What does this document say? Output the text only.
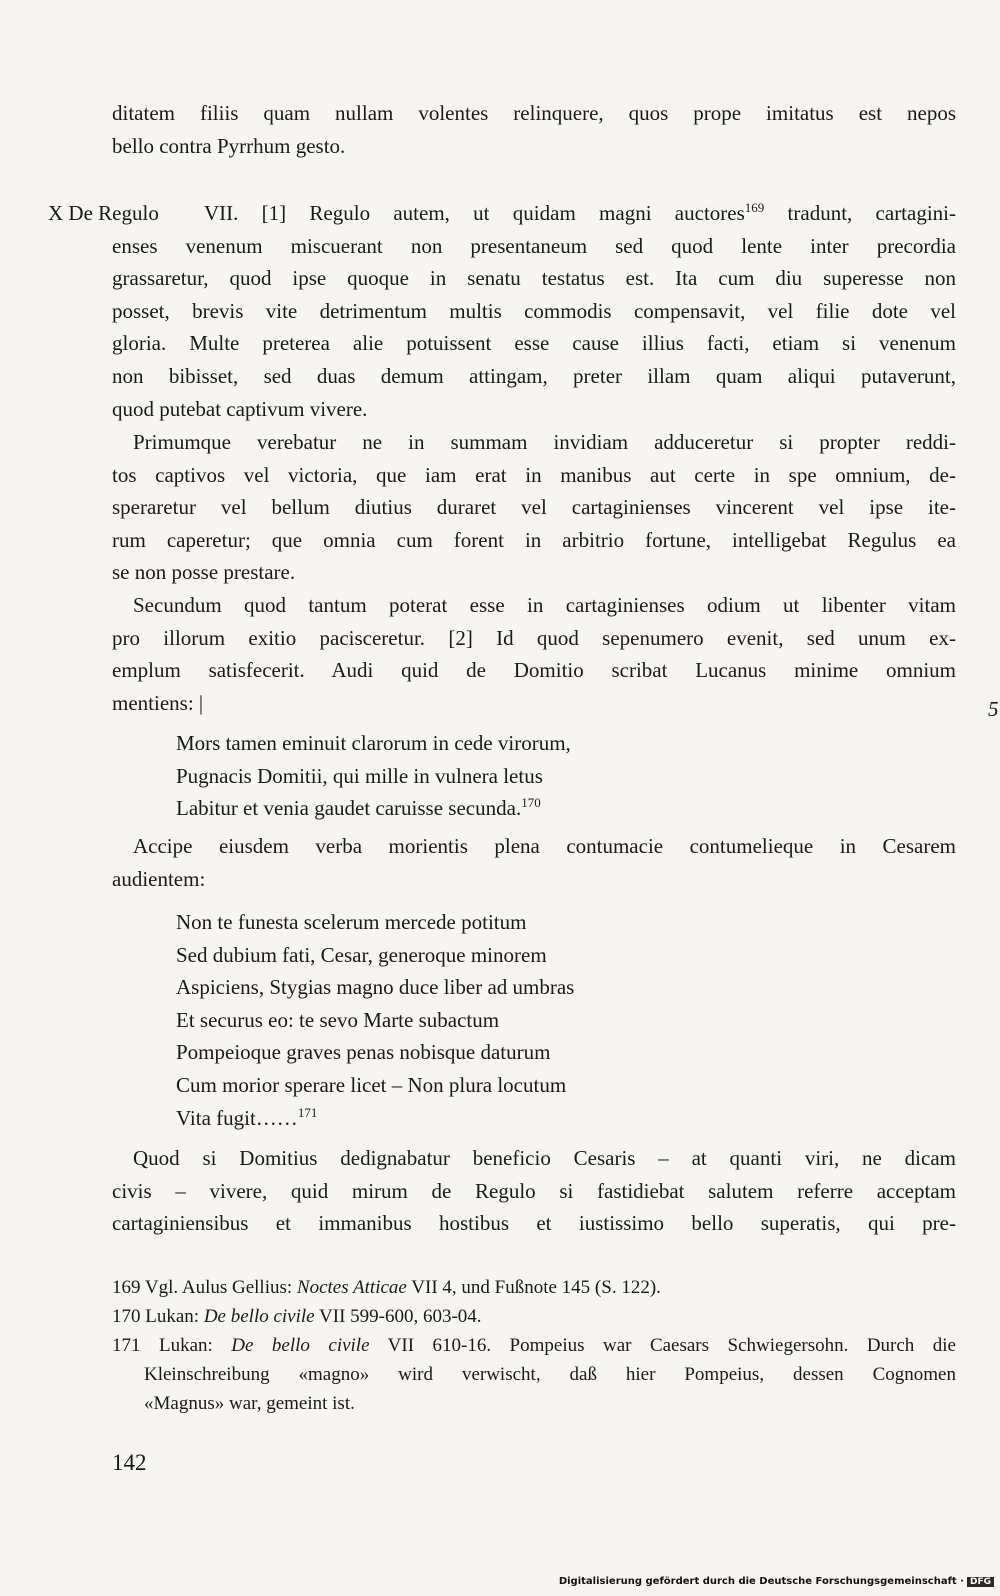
ditatem filiis quam nullam volentes relinquere, quos prope imitatus est nepos
bello contra Pyrrhum gesto.
X De Regulo VII. [1] Regulo autem, ut quidam magni auctores$^{169}$ tradunt, cartagini-
enses venenum miscuerant non presentaneum sed quod lente inter precordia
grassaretur, quod ipse quoque in senatu testatus est. Ita cum diu superesse non
posset, brevis vite detrimentum multis commodis compensavit, vel filie dote vel
gloria. Multe preterea alie potuissent esse cause illius facti, etiam si venenum
non bibisset, sed duas demum attingam, preter illam quam aliqui putaverunt,
quod putebat captivum vivere.
Primumque verebatur ne in summam invidiam adduceretur si propter reddi-
tos captivos vel victoria, que iam erat in manibus aut certe in spe omnium, de-
speraretur vel bellum diutius duraret vel cartaginienses vincerent vel ipse ite-
rum caperetur; que omnia cum forent in arbitrio fortune, intelligebat Regulus ea
se non posse prestare.
Secundum quod tantum poterat esse in cartaginienses odium ut libenter vitam
pro illorum exitio pacisceretur. [2] Id quod sepenumero evenit, sed unum ex-
emplum satisfecerit. Audi quid de Domitio scribat Lucanus minime omnium
mentiens: |	5
Mors tamen eminuit clarorum in cede virorum,
Pugnacis Domitii, qui mille in vulnera letus
Labitur et venia gaudet caruisse secunda.$^{170}$
Accipe eiusdem verba morientis plena contumacie contumelieque in Cesarem
audientem:
Non te funesta scelerum mercede potitum
Sed dubium fati, Cesar, generoque minorem
Aspiciens, Stygias magno duce liber ad umbras
Et securus eo: te sevo Marte subactum
Pompeioque graves penas nobisque daturum
Cum morior sperare licet – Non plura locutum
Vita fugit……$^{171}$
Quod si Domitius dedignabatur beneficio Cesaris – at quanti viri, ne dicam
civis – vivere, quid mirum de Regulo si fastidiebat salutem referre acceptam
cartaginiensibus et immanibus hostibus et iustissimo bello superatis, qui pre-
169 Vgl. Aulus Gellius: Noctes Atticae VII 4, und Fußnote 145 (S. 122).
170 Lukan: De bello civile VII 599-600, 603-04.
171 Lukan: De bello civile VII 610-16. Pompeius war Caesars Schwiegersohn. Durch die
Kleinschreibung «magno» wird verwischt, daß hier Pompeius, dessen Cognomen
«Magnus» war, gemeint ist.
142
Digitalisierung gefördert durch die Deutsche Forschungsgemeinschaft · DFG
